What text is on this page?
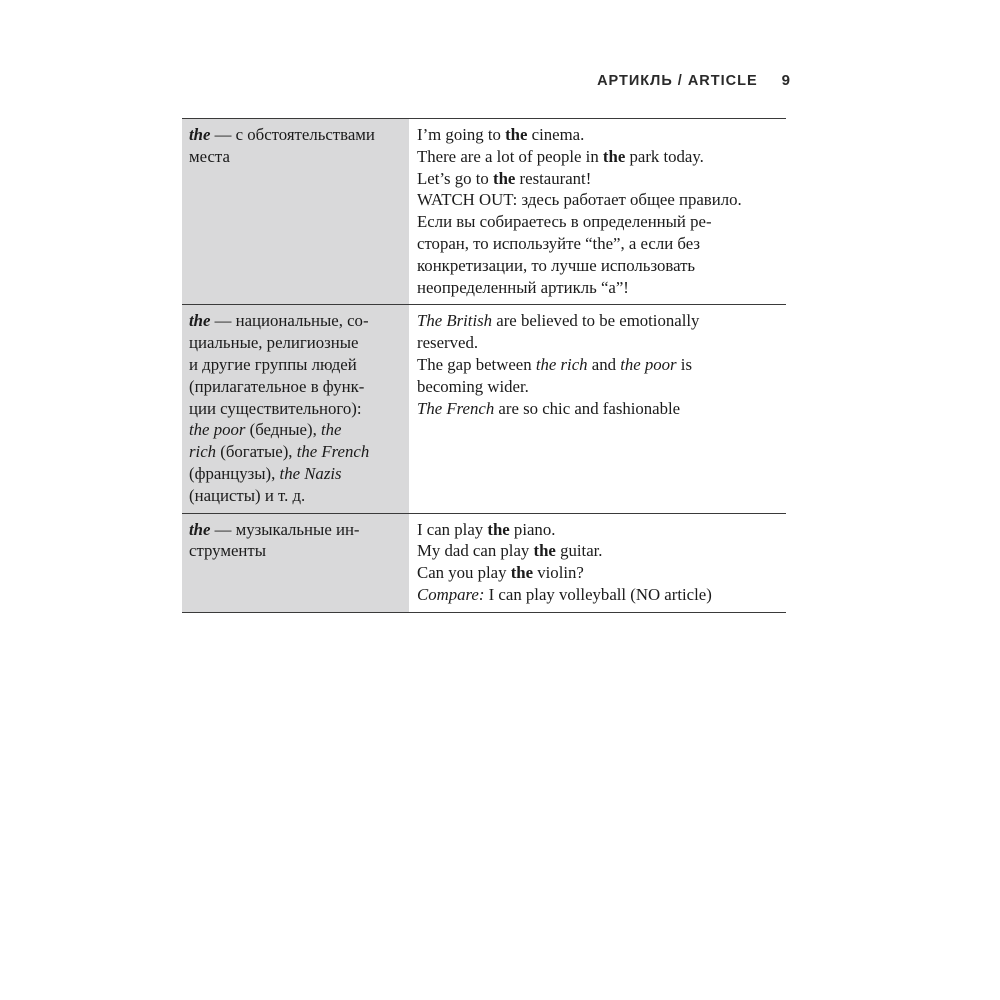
АРТИКЛЬ / ARTICLE 9
the — с обстоятельствами
места
I’m going to the cinema.
There are a lot of people in the park today.
Let’s go to the restaurant!
WATCH OUT: здесь работает общее правило.
Если вы собираетесь в определенный ре-
сторан, то используйте “the”, а если без
конкретизации, то лучше использовать
неопределенный артикль “a”!
the — национальные, со-
циальные, религиозные
и другие группы людей
(прилагательное в функ-
ции существительного):
the poor (бедные), the
rich (богатые), the French
(французы), the Nazis
(нацисты) и т. д.
The British are believed to be emotionally
reserved.
The gap between the rich and the poor is
becoming wider.
The French are so chic and fashionable
the — музыкальные ин-
струменты
I can play the piano.
My dad can play the guitar.
Can you play the violin?
Compare: I can play volleyball (NO article)
